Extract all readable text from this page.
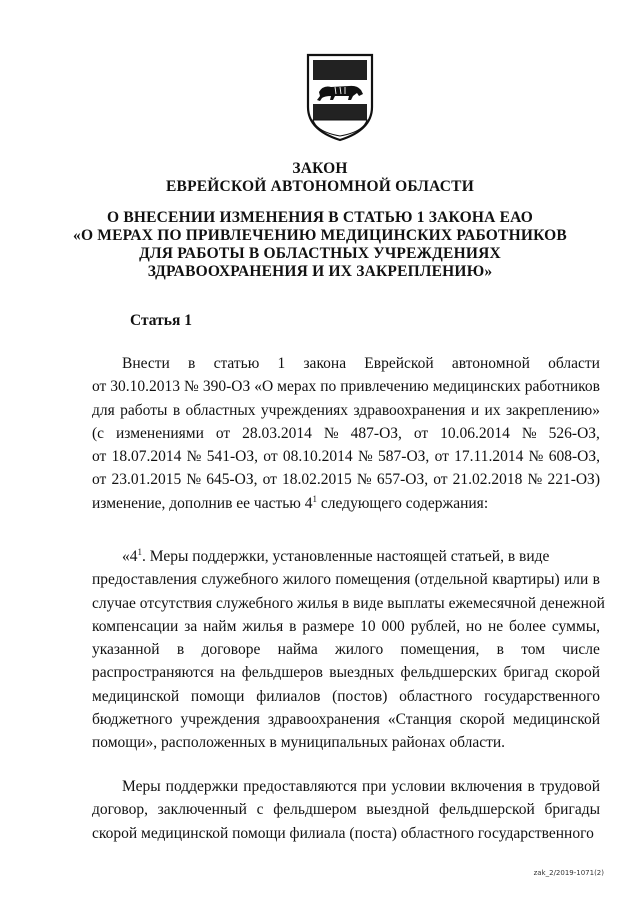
ЗАКОН
ЕВРЕЙСКОЙ АВТОНОМНОЙ ОБЛАСТИ
О ВНЕСЕНИИ ИЗМЕНЕНИЯ В СТАТЬЮ 1 ЗАКОНА ЕАО
«О МЕРАХ ПО ПРИВЛЕЧЕНИЮ МЕДИЦИНСКИХ РАБОТНИКОВ
ДЛЯ РАБОТЫ В ОБЛАСТНЫХ УЧРЕЖДЕНИЯХ
ЗДРАВООХРАНЕНИЯ И ИХ ЗАКРЕПЛЕНИЮ»
Статья 1
Внести в статью 1 закона Еврейской автономной области
от 30.10.2013 № 390-ОЗ «О мерах по привлечению медицинских работников
для работы в областных учреждениях здравоохранения и их закреплению»
(с изменениями от 28.03.2014 № 487-ОЗ, от 10.06.2014 № 526-ОЗ,
от 18.07.2014 № 541-ОЗ, от 08.10.2014 № 587-ОЗ, от 17.11.2014 № 608-ОЗ,
от 23.01.2015 № 645-ОЗ, от 18.02.2015 № 657-ОЗ, от 21.02.2018 № 221-ОЗ)
изменение, дополнив ее частью $4^1$ следующего содержания:
«$4^1$. Меры поддержки, установленные настоящей статьей, в виде
предоставления служебного жилого помещения (отдельной квартиры) или в
случае отсутствия служебного жилья в виде выплаты ежемесячной денежной
компенсации за найм жилья в размере 10 000 рублей, но не более суммы,
указанной в договоре найма жилого помещения, в том числе
распространяются на фельдшеров выездных фельдшерских бригад скорой
медицинской помощи филиалов (постов) областного государственного
бюджетного учреждения здравоохранения «Станция скорой медицинской
помощи», расположенных в муниципальных районах области.
Меры поддержки предоставляются при условии включения в трудовой
договор, заключенный с фельдшером выездной фельдшерской бригады
скорой медицинской помощи филиала (поста) областного государственного
zak_2/2019-1071(2)
